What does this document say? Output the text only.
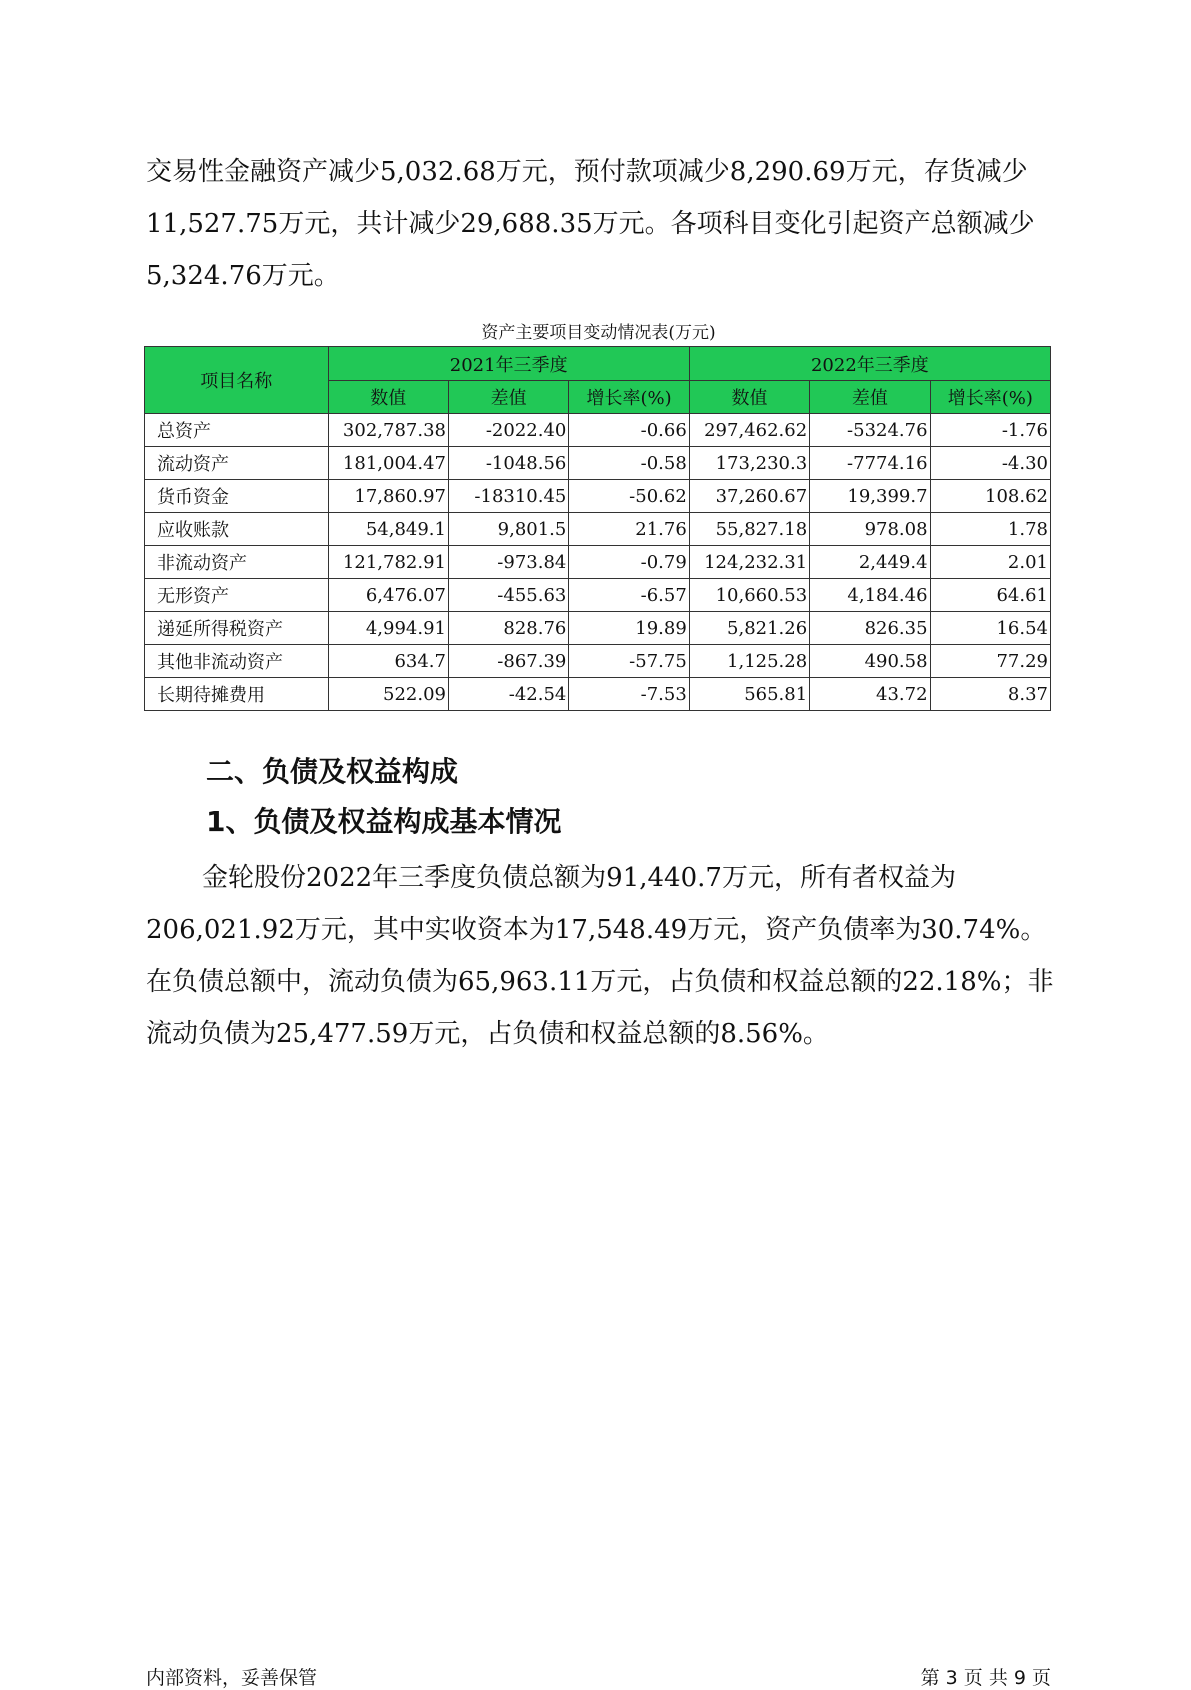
交易性金融资产减少5,032.68万元，预付款项减少8,290.69万元，存货减少11,527.75万元，共计减少29,688.35万元。各项科目变化引起资产总额减少5,324.76万元。

资产主要项目变动情况表(万元)
项目名称	2021年三季度			2022年三季度		
	数值	差值	增长率(%)	数值	差值	增长率(%)
总资产	302,787.38	-2022.40	-0.66	297,462.62	-5324.76	-1.76
流动资产	181,004.47	-1048.56	-0.58	173,230.3	-7774.16	-4.30
货币资金	17,860.97	-18310.45	-50.62	37,260.67	19,399.7	108.62
应收账款	54,849.1	9,801.5	21.76	55,827.18	978.08	1.78
非流动资产	121,782.91	-973.84	-0.79	124,232.31	2,449.4	2.01
无形资产	6,476.07	-455.63	-6.57	10,660.53	4,184.46	64.61
递延所得税资产	4,994.91	828.76	19.89	5,821.26	826.35	16.54
其他非流动资产	634.7	-867.39	-57.75	1,125.28	490.58	77.29
长期待摊费用	522.09	-42.54	-7.53	565.81	43.72	8.37
二、负债及权益构成
1、负债及权益构成基本情况

金轮股份2022年三季度负债总额为91,440.7万元，所有者权益为206,021.92万元，其中实收资本为17,548.49万元，资产负债率为30.74%。在负债总额中，流动负债为65,963.11万元，占负债和权益总额的22.18%；非流动负债为25,477.59万元，占负债和权益总额的8.56%。

内部资料，妥善保管	第 3 页 共 9 页
